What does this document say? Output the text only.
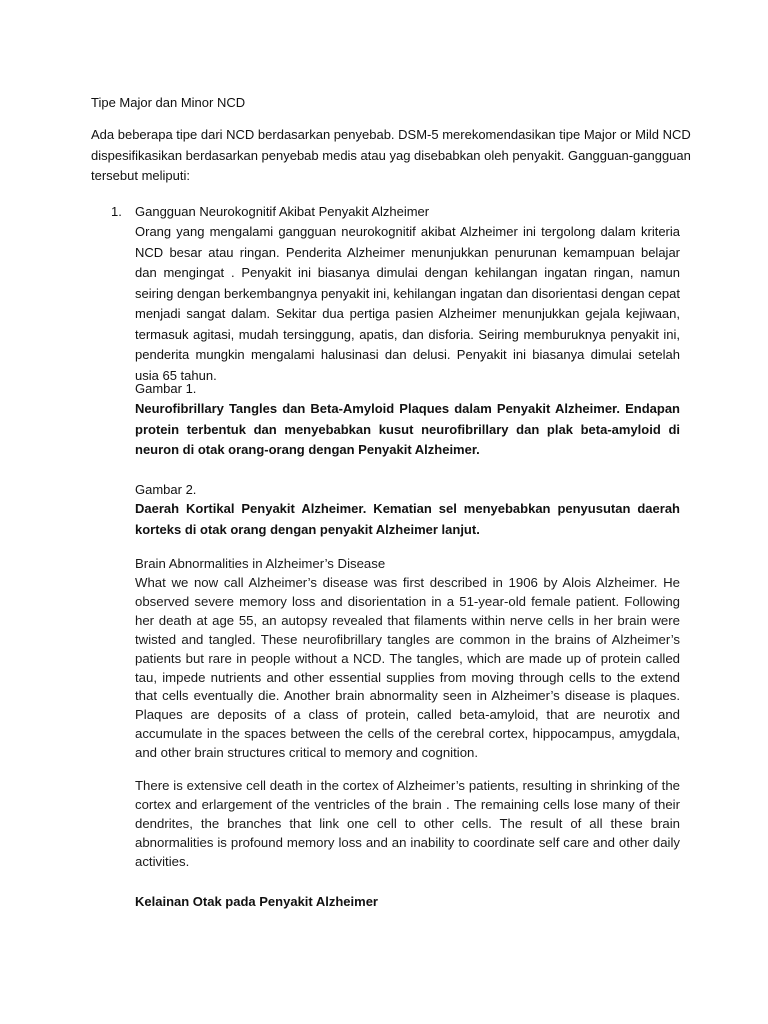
Tipe Major dan Minor NCD
Ada beberapa tipe dari NCD berdasarkan penyebab. DSM-5 merekomendasikan tipe Major or Mild NCD dispesifikasikan berdasarkan penyebab medis atau yag disebabkan oleh penyakit. Gangguan-gangguan tersebut meliputi:
1. Gangguan Neurokognitif Akibat Penyakit Alzheimer
Orang yang mengalami gangguan neurokognitif akibat Alzheimer ini tergolong dalam kriteria NCD besar atau ringan. Penderita Alzheimer menunjukkan penurunan kemampuan belajar dan mengingat . Penyakit ini biasanya dimulai dengan kehilangan ingatan ringan, namun seiring dengan berkembangnya penyakit ini, kehilangan ingatan dan disorientasi dengan cepat menjadi sangat dalam. Sekitar dua pertiga pasien Alzheimer menunjukkan gejala kejiwaan, termasuk agitasi, mudah tersinggung, apatis, dan disforia. Seiring memburuknya penyakit ini, penderita mungkin mengalami halusinasi dan delusi. Penyakit ini biasanya dimulai setelah usia 65 tahun.
Gambar 1.
Neurofibrillary Tangles dan Beta-Amyloid Plaques dalam Penyakit Alzheimer. Endapan protein terbentuk dan menyebabkan kusut neurofibrillary dan plak beta-amyloid di neuron di otak orang-orang dengan Penyakit Alzheimer.
Gambar 2.
Daerah Kortikal Penyakit Alzheimer. Kematian sel menyebabkan penyusutan daerah korteks di otak orang dengan penyakit Alzheimer lanjut.
Brain Abnormalities in Alzheimer’s Disease
What we now call Alzheimer’s disease was first described in 1906 by Alois Alzheimer. He observed severe memory loss and disorientation in a 51-year-old female patient. Following her death at age 55, an autopsy revealed that filaments within nerve cells in her brain were twisted and tangled. These neurofibrillary tangles are common in the brains of Alzheimer’s patients but rare in people without a NCD. The tangles, which are made up of protein called tau, impede nutrients and other essential supplies from moving through cells to the extend that cells eventually die. Another brain abnormality seen in Alzheimer’s disease is plaques. Plaques are deposits of a class of protein, called beta-amyloid, that are neurotix and accumulate in the spaces between the cells of the cerebral cortex, hippocampus, amygdala, and other brain structures critical to memory and cognition.
There is extensive cell death in the cortex of Alzheimer’s patients, resulting in shrinking of the cortex and erlargement of the ventricles of the brain . The remaining cells lose many of their dendrites, the branches that link one cell to other cells. The result of all these brain abnormalities is profound memory loss and an inability to coordinate self care and other daily activities.
Kelainan Otak pada Penyakit Alzheimer
